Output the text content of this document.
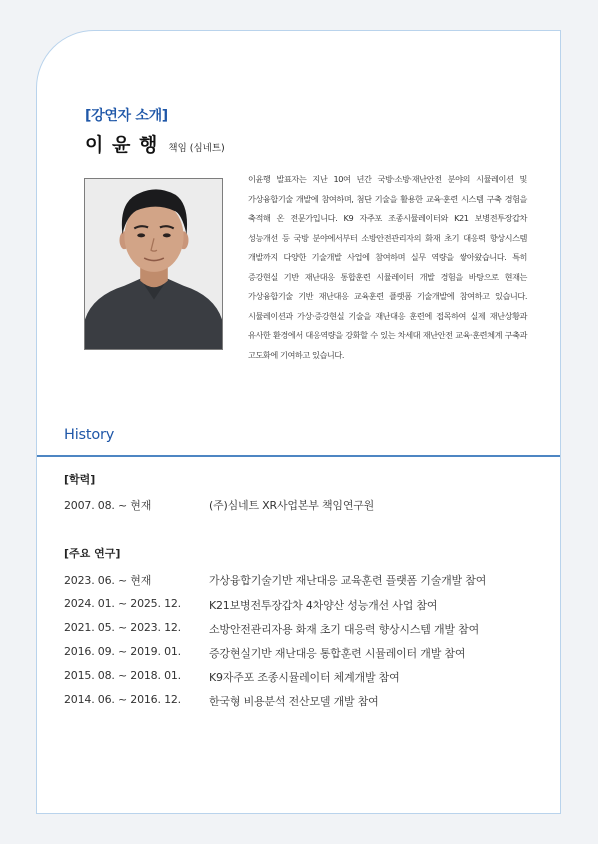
[강연자 소개]
이 윤 행 책임 (심네트)
이윤행 발표자는 지난 10여 년간 국방·소방·재난안전 분야의 시뮬레이션 및 가상융합기술 개발에 참여하며, 첨단 기술을 활용한 교육·훈련 시스템 구축 경험을 축적해 온 전문가입니다. K9 자주포 조종시뮬레이터와 K21 보병전투장갑차 성능개선 등 국방 분야에서부터 소방안전관리자의 화재 초기 대응력 향상시스템 개발까지 다양한 기술개발 사업에 참여하며 실무 역량을 쌓아왔습니다. 특히 증강현실 기반 재난대응 통합훈련 시뮬레이터 개발 경험을 바탕으로 현재는 가상융합기술 기반 재난대응 교육훈련 플랫폼 기술개발에 참여하고 있습니다. 시뮬레이션과 가상·증강현실 기술을 재난대응 훈련에 접목하여 실제 재난상황과 유사한 환경에서 대응역량을 강화할 수 있는 차세대 재난안전 교육·훈련체계 구축과 고도화에 기여하고 있습니다.
History
[학력]
2007. 08. ~ 현재	(주)심네트 XR사업본부 책임연구원
[주요 연구]
2023. 06. ~ 현재	가상융합기술기반 재난대응 교육훈련 플랫폼 기술개발 참여
2024. 01. ~ 2025. 12.	K21보병전투장갑차 4차양산 성능개선 사업 참여
2021. 05. ~ 2023. 12.	소방안전관리자용 화재 초기 대응력 향상시스템 개발 참여
2016. 09. ~ 2019. 01.	증강현실기반 재난대응 통합훈련 시뮬레이터 개발 참여
2015. 08. ~ 2018. 01.	K9자주포 조종시뮬레이터 체계개발 참여
2014. 06. ~ 2016. 12.	한국형 비용분석 전산모델 개발 참여
